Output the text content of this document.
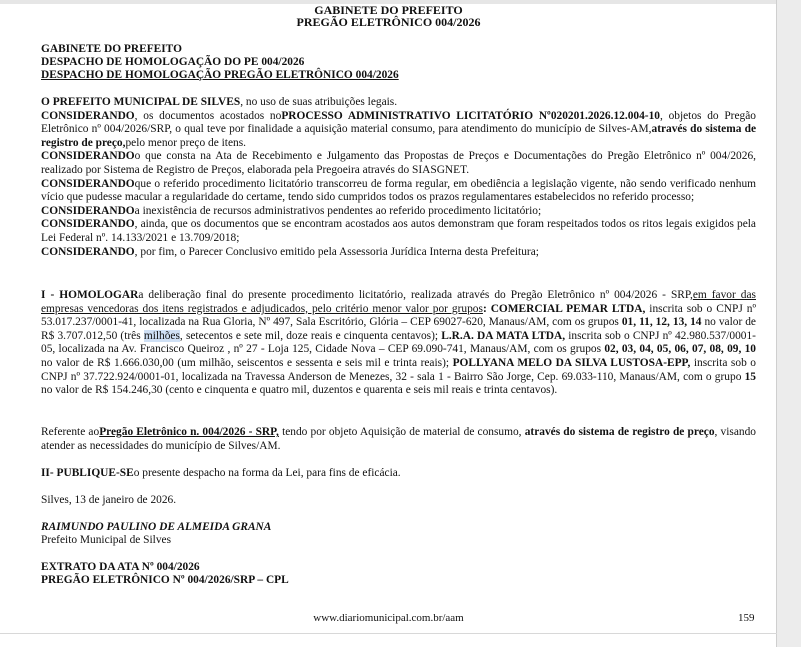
GABINETE DO PREFEITO
PREGÃO ELETRÔNICO 004/2026
GABINETE DO PREFEITO
DESPACHO DE HOMOLOGAÇÃO DO PE 004/2026
DESPACHO DE HOMOLOGAÇÃO PREGÃO ELETRÔNICO 004/2026
O PREFEITO MUNICIPAL DE SILVES, no uso de suas atribuições legais.
CONSIDERANDO, os documentos acostados noPROCESSO ADMINISTRATIVO LICITATÓRIO Nº020201.2026.12.004-10, objetos do Pregão Eletrônico nº 004/2026/SRP, o qual teve por finalidade a aquisição material consumo, para atendimento do município de Silves-AM,através do sistema de registro de preço,pelo menor preço de itens.
CONSIDERANDOo que consta na Ata de Recebimento e Julgamento das Propostas de Preços e Documentações do Pregão Eletrônico nº 004/2026, realizado por Sistema de Registro de Preços, elaborada pela Pregoeira através do SIASGNET.
CONSIDERANDOque o referido procedimento licitatório transcorreu de forma regular, em obediência a legislação vigente, não sendo verificado nenhum vício que pudesse macular a regularidade do certame, tendo sido cumpridos todos os prazos regulamentares estabelecidos no referido processo;
CONSIDERANDOa inexistência de recursos administrativos pendentes ao referido procedimento licitatório;
CONSIDERANDO, ainda, que os documentos que se encontram acostados aos autos demonstram que foram respeitados todos os ritos legais exigidos pela Lei Federal nº. 14.133/2021 e 13.709/2018;
CONSIDERANDO, por fim, o Parecer Conclusivo emitido pela Assessoria Jurídica Interna desta Prefeitura;
I - HOMOLOGARa deliberação final do presente procedimento licitatório, realizada através do Pregão Eletrônico nº 004/2026 - SRP,em favor das empresas vencedoras dos itens registrados e adjudicados, pelo critério menor valor por grupos: COMERCIAL PEMAR LTDA, inscrita sob o CNPJ nº 53.017.237/0001-41, localizada na Rua Gloria, Nº 497, Sala Escritório, Glória – CEP 69027-620, Manaus/AM, com os grupos 01, 11, 12, 13, 14 no valor de R$ 3.707.012,50 (três milhões, setecentos e sete mil, doze reais e cinquenta centavos); L.R.A. DA MATA LTDA, inscrita sob o CNPJ nº 42.980.537/0001-05, localizada na Av. Francisco Queiroz , nº 27 - Loja 125, Cidade Nova – CEP 69.090-741, Manaus/AM, com os grupos 02, 03, 04, 05, 06, 07, 08, 09, 10 no valor de R$ 1.666.030,00 (um milhão, seiscentos e sessenta e seis mil e trinta reais); POLLYANA MELO DA SILVA LUSTOSA-EPP, inscrita sob o CNPJ nº 37.722.924/0001-01, localizada na Travessa Anderson de Menezes, 32 - sala 1 - Bairro São Jorge, Cep. 69.033-110, Manaus/AM, com o grupo 15 no valor de R$ 154.246,30 (cento e cinquenta e quatro mil, duzentos e quarenta e seis mil reais e trinta centavos).
Referente aoPregão Eletrônico n. 004/2026 - SRP, tendo por objeto Aquisição de material de consumo, através do sistema de registro de preço, visando atender as necessidades do município de Silves/AM.
II- PUBLIQUE-SEo presente despacho na forma da Lei, para fins de eficácia.
Silves, 13 de janeiro de 2026.
RAIMUNDO PAULINO DE ALMEIDA GRANA
Prefeito Municipal de Silves
EXTRATO DA ATA Nº 004/2026
PREGÃO ELETRÔNICO Nº 004/2026/SRP – CPL
www.diariomunicipal.com.br/aam	159
